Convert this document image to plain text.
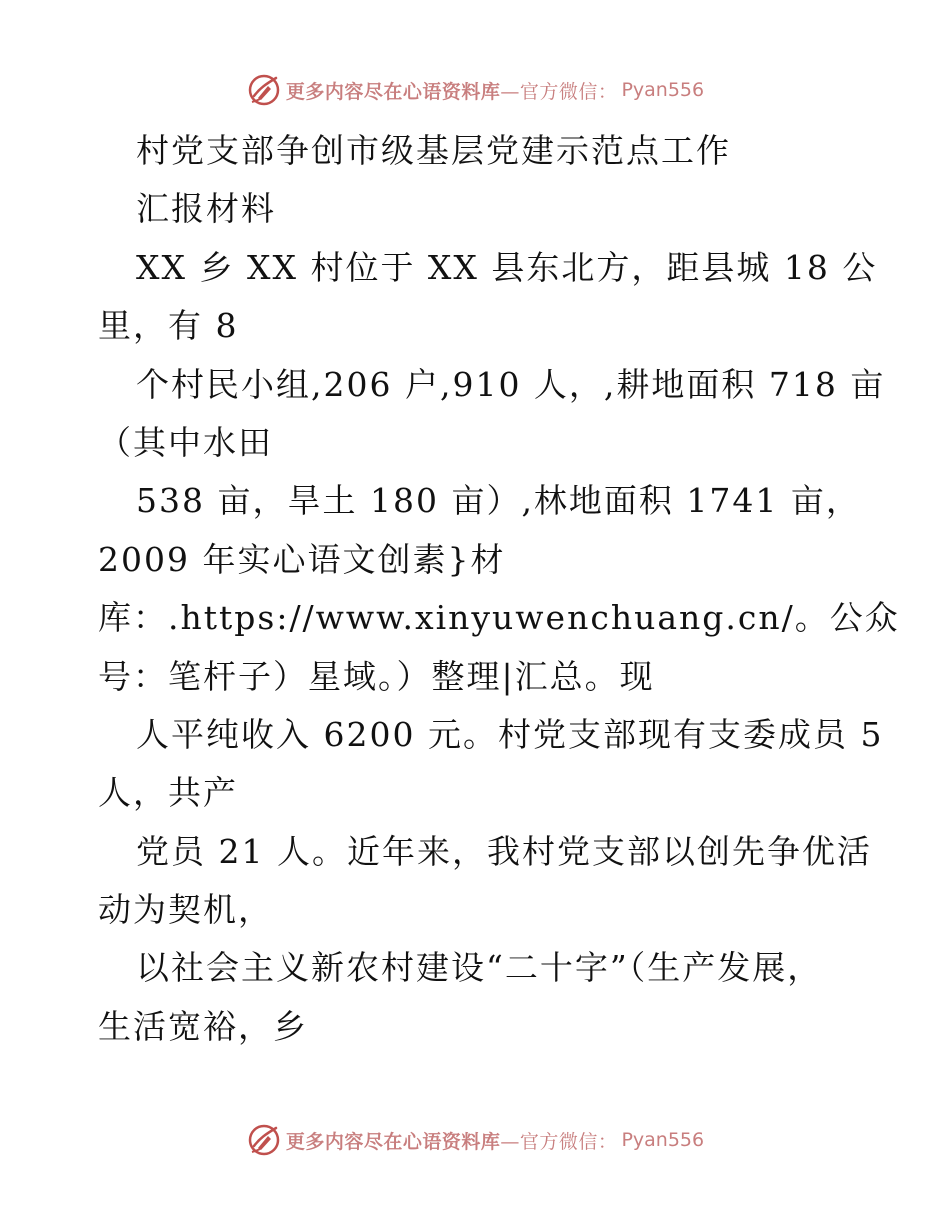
更多内容尽在心语资料库—官方微信： Pyan556
村党支部争创市级基层党建示范点工作
汇报材料
XX 乡 XX 村位于 XX 县东北方，距县城 18 公
里，有 8
个村民小组,206 户,910 人，,耕地面积 718 亩
（其中水田
538 亩，旱土 180 亩）,林地面积 1741 亩，
2009 年实心语文创素}材
库：.https://www.xinyuwenchuang.cn/。公众
号：笔杆子）星域。）整理|汇总。现
人平纯收入 6200 元。村党支部现有支委成员 5
人，共产
党员 21 人。近年来，我村党支部以创先争优活
动为契机，
以社会主义新农村建设“二十字”（生产发展，
生活宽裕，乡
更多内容尽在心语资料库—官方微信： Pyan556
